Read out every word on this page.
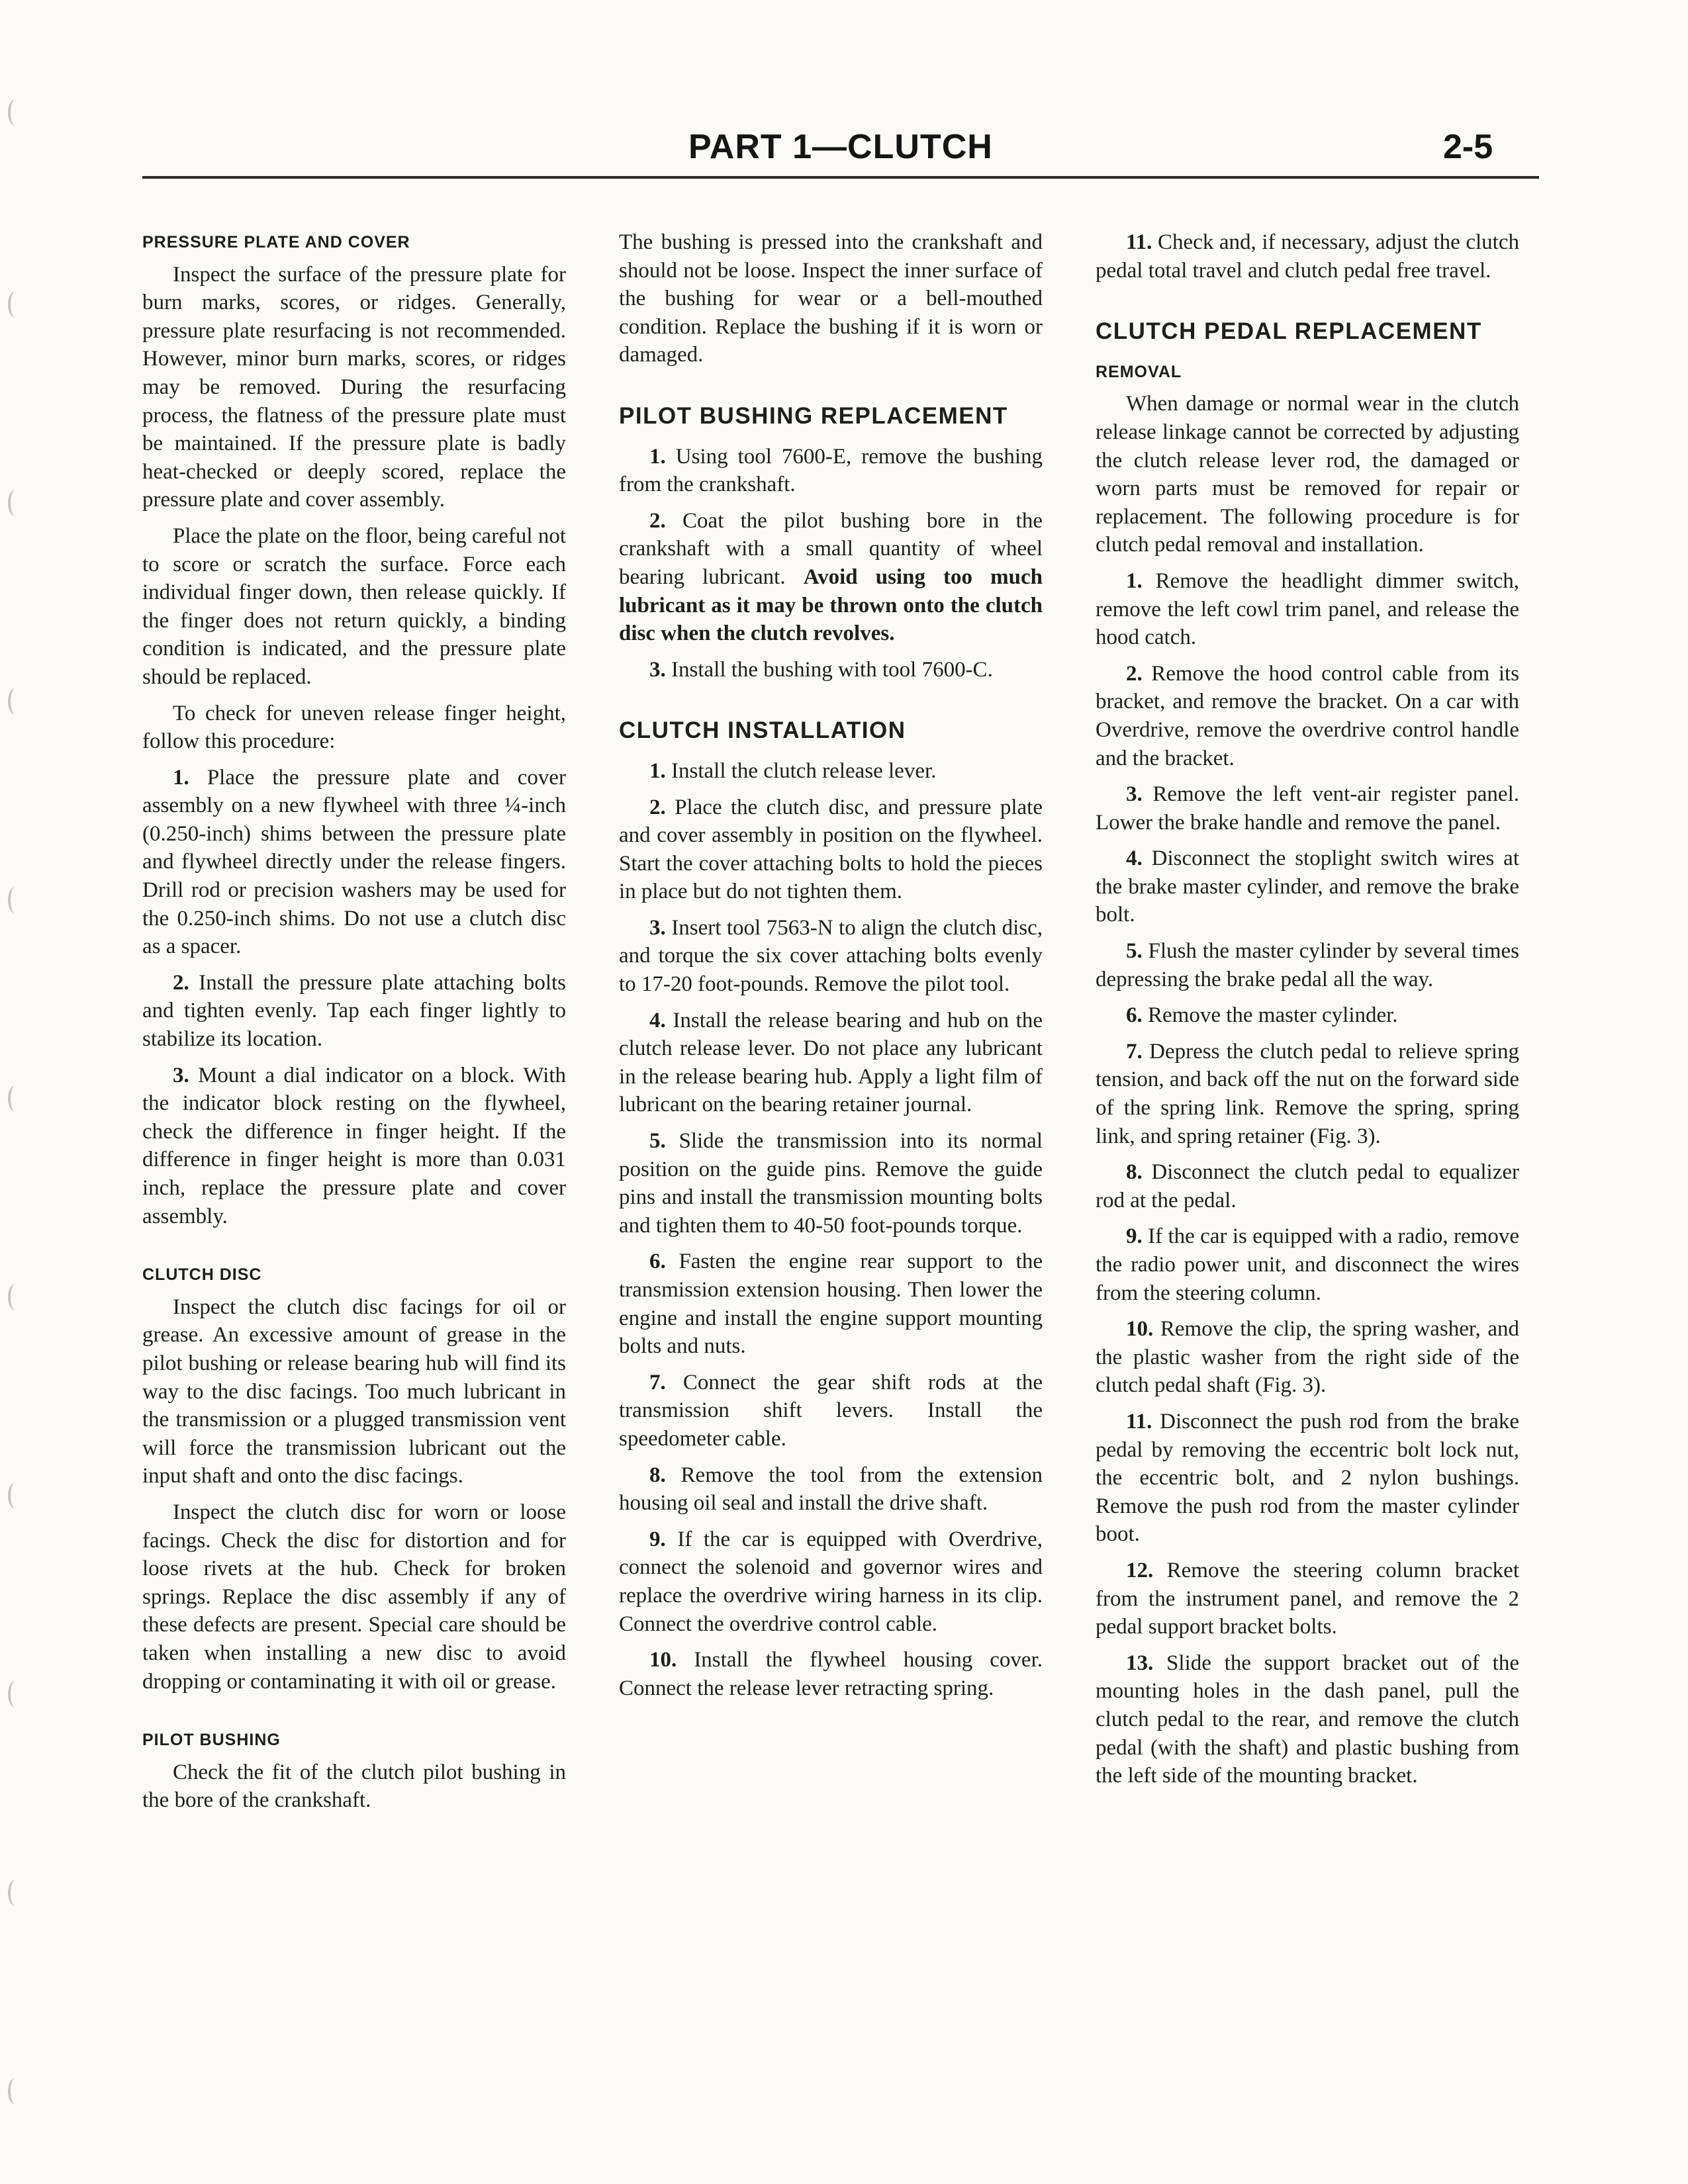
PART 1—CLUTCH	2-5
PRESSURE PLATE AND COVER

Inspect the surface of the pressure plate for burn marks, scores, or ridges. Generally, pressure plate resurfacing is not recommended. However, minor burn marks, scores, or ridges may be removed. During the resurfacing process, the flatness of the pressure plate must be maintained. If the pressure plate is badly heat-checked or deeply scored, replace the pressure plate and cover assembly.

Place the plate on the floor, being careful not to score or scratch the surface. Force each individual finger down, then release quickly. If the finger does not return quickly, a binding condition is indicated, and the pressure plate should be replaced.

To check for uneven release finger height, follow this procedure:

1. Place the pressure plate and cover assembly on a new flywheel with three ¼-inch (0.250-inch) shims between the pressure plate and flywheel directly under the release fingers. Drill rod or precision washers may be used for the 0.250-inch shims. Do not use a clutch disc as a spacer.

2. Install the pressure plate attaching bolts and tighten evenly. Tap each finger lightly to stabilize its location.

3. Mount a dial indicator on a block. With the indicator block resting on the flywheel, check the difference in finger height. If the difference in finger height is more than 0.031 inch, replace the pressure plate and cover assembly.

CLUTCH DISC

Inspect the clutch disc facings for oil or grease. An excessive amount of grease in the pilot bushing or release bearing hub will find its way to the disc facings. Too much lubricant in the transmission or a plugged transmission vent will force the transmission lubricant out the input shaft and onto the disc facings.

Inspect the clutch disc for worn or loose facings. Check the disc for distortion and for loose rivets at the hub. Check for broken springs. Replace the disc assembly if any of these defects are present. Special care should be taken when installing a new disc to avoid dropping or contaminating it with oil or grease.

PILOT BUSHING

Check the fit of the clutch pilot bushing in the bore of the crankshaft.

The bushing is pressed into the crankshaft and should not be loose. Inspect the inner surface of the bushing for wear or a bell-mouthed condition. Replace the bushing if it is worn or damaged.

PILOT BUSHING REPLACEMENT

1. Using tool 7600-E, remove the bushing from the crankshaft.

2. Coat the pilot bushing bore in the crankshaft with a small quantity of wheel bearing lubricant. Avoid using too much lubricant as it may be thrown onto the clutch disc when the clutch revolves.

3. Install the bushing with tool 7600-C.

CLUTCH INSTALLATION

1. Install the clutch release lever.

2. Place the clutch disc, and pressure plate and cover assembly in position on the flywheel. Start the cover attaching bolts to hold the pieces in place but do not tighten them.

3. Insert tool 7563-N to align the clutch disc, and torque the six cover attaching bolts evenly to 17-20 foot-pounds. Remove the pilot tool.

4. Install the release bearing and hub on the clutch release lever. Do not place any lubricant in the release bearing hub. Apply a light film of lubricant on the bearing retainer journal.

5. Slide the transmission into its normal position on the guide pins. Remove the guide pins and install the transmission mounting bolts and tighten them to 40-50 foot-pounds torque.

6. Fasten the engine rear support to the transmission extension housing. Then lower the engine and install the engine support mounting bolts and nuts.

7. Connect the gear shift rods at the transmission shift levers. Install the speedometer cable.

8. Remove the tool from the extension housing oil seal and install the drive shaft.

9. If the car is equipped with Overdrive, connect the solenoid and governor wires and replace the overdrive wiring harness in its clip. Connect the overdrive control cable.

10. Install the flywheel housing cover. Connect the release lever retracting spring.

11. Check and, if necessary, adjust the clutch pedal total travel and clutch pedal free travel.

CLUTCH PEDAL REPLACEMENT
REMOVAL

When damage or normal wear in the clutch release linkage cannot be corrected by adjusting the clutch release lever rod, the damaged or worn parts must be removed for repair or replacement. The following procedure is for clutch pedal removal and installation.

1. Remove the headlight dimmer switch, remove the left cowl trim panel, and release the hood catch.

2. Remove the hood control cable from its bracket, and remove the bracket. On a car with Overdrive, remove the overdrive control handle and the bracket.

3. Remove the left vent-air register panel. Lower the brake handle and remove the panel.

4. Disconnect the stoplight switch wires at the brake master cylinder, and remove the brake bolt.

5. Flush the master cylinder by several times depressing the brake pedal all the way.

6. Remove the master cylinder.

7. Depress the clutch pedal to relieve spring tension, and back off the nut on the forward side of the spring link. Remove the spring, spring link, and spring retainer (Fig. 3).

8. Disconnect the clutch pedal to equalizer rod at the pedal.

9. If the car is equipped with a radio, remove the radio power unit, and disconnect the wires from the steering column.

10. Remove the clip, the spring washer, and the plastic washer from the right side of the clutch pedal shaft (Fig. 3).

11. Disconnect the push rod from the brake pedal by removing the eccentric bolt lock nut, the eccentric bolt, and 2 nylon bushings. Remove the push rod from the master cylinder boot.

12. Remove the steering column bracket from the instrument panel, and remove the 2 pedal support bracket bolts.

13. Slide the support bracket out of the mounting holes in the dash panel, pull the clutch pedal to the rear, and remove the clutch pedal (with the shaft) and plastic bushing from the left side of the mounting bracket.
